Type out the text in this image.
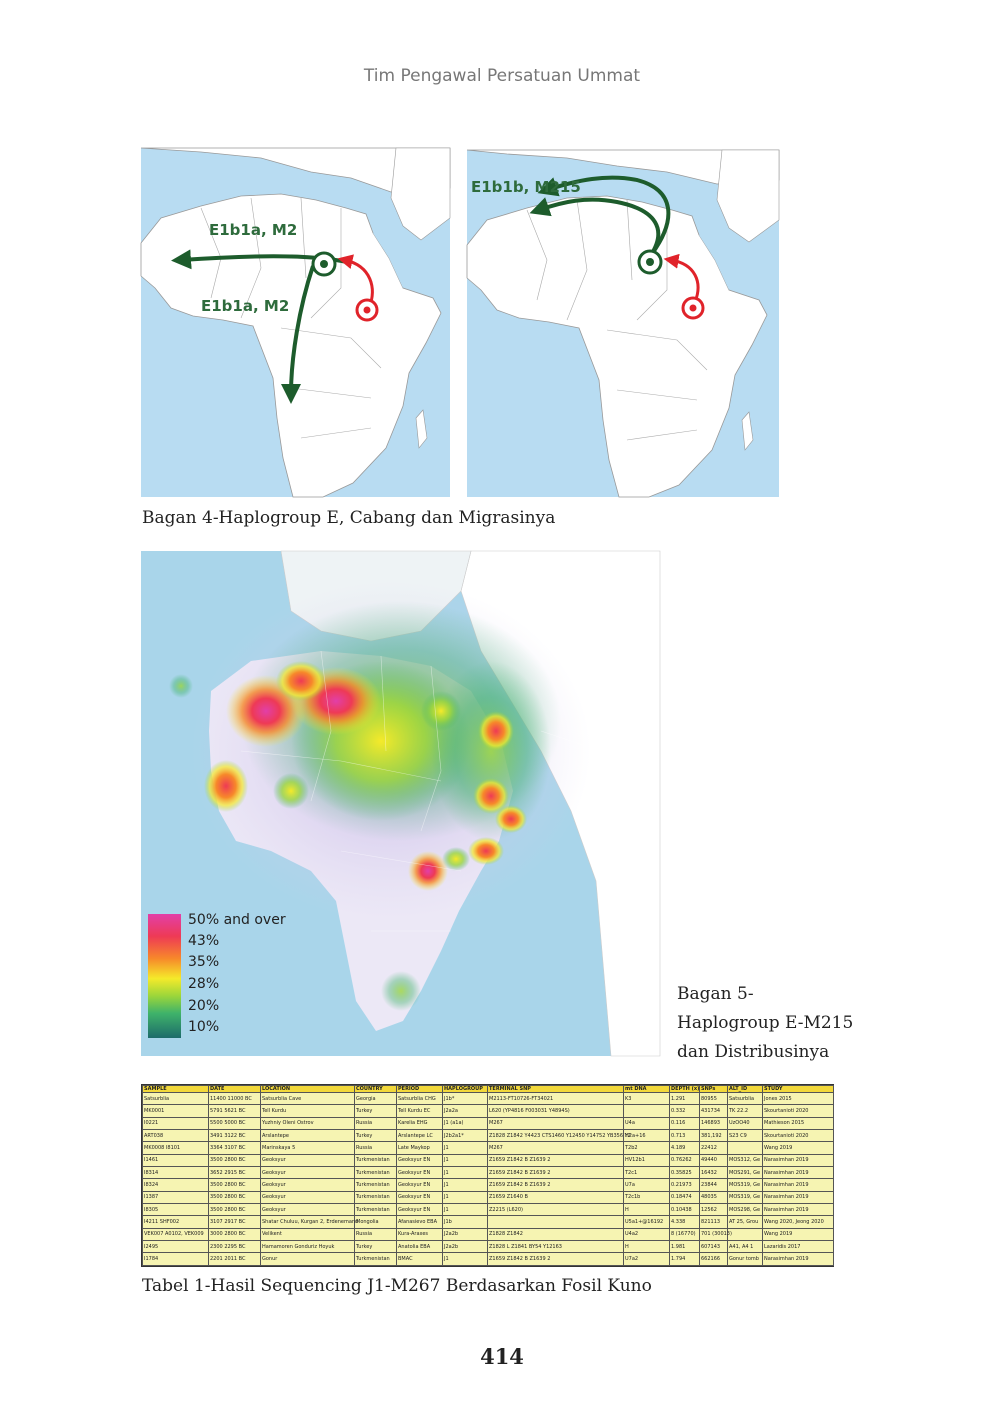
Tim Pengawal Persatuan Ummat
E1b1a, M2
E1b1a, M2
E1b1b, M215
Bagan 4-Haplogroup E, Cabang dan Migrasinya
50% and over
43%
35%
28%
20%
10%
Bagan 5-
Haplogroup E-M215
dan Distribusinya
SAMPLE	DATE	LOCATION	COUNTRY	PERIOD	HAPLOGROUP	TERMINAL SNP	mt DNA	DEPTH (x)	SNPs	ALT_ID	STUDY
Satsurblia	11400 11000 BC	Satsurblia Cave	Georgia	Satsurblia CHG	J1b*	M2113-FT10726-FT34021	K3	1.291	80955	Satsurblia	Jones 2015
MK0001	5791 5621 BC	Tell Kurdu	Turkey	Tell Kurdu EC	J2a2a	L620 (YP4816 F003031 Y4894S)		0.332	431734	TK 22.2	Skourtanioti 2020
I0221	5500 5000 BC	Yuzhniy Oleni Ostrov	Russia	Karelia EHG	J1 (a1a)	M267	U4a	0.116	146893	UzOO40	Mathieson 2015
ART038	3491 3122 BC	Arslantepe	Turkey	Arslantepe LC	J2b2a1*	Z1828 Z1842 Y4423 CTS1460 Y12450 Y14752 YB356 Y2	H2a+16	0.713	381,192	S23 C9	Skourtanioti 2020
MK0008 I8101	3364 3107 BC	Marinskaya 5	Russia	Late Maykop	J1	M267	T2b2	4.189	22412		Wang 2019
I1461	3500 2800 BC	Geoksyur	Turkmenistan	Geoksyur EN	J1	Z1659 Z1842 B Z1639 2	HV12b1	0.76262	49440	MOS312, Ge	Narasimhan 2019
I8314	3652 2915 BC	Geoksyur	Turkmenistan	Geoksyur EN	J1	Z1659 Z1842 B Z1639 2	T2c1	0.35825	16432	MOS291, Ge	Narasimhan 2019
I8324	3500 2800 BC	Geoksyur	Turkmenistan	Geoksyur EN	J1	Z1659 Z1842 B Z1639 2	U7a	0.21973	23844	MOS319, Ge	Narasimhan 2019
I1387	3500 2800 BC	Geoksyur	Turkmenistan	Geoksyur EN	J1	Z1659 Z1640 B	T2c1b	0.18474	48035	MOS319, Ge	Narasimhan 2019
I8305	3500 2800 BC	Geoksyur	Turkmenistan	Geoksyur EN	J1	Z2215 (L620)	H	0.10438	12562	MOS298, Ge	Narasimhan 2019
I4211 SHF002	3107 2917 BC	Shatar Chuluu, Kurgan 2, Erdenemand	Mongolia	Afanasievo EBA	J1b		U5a1+@16192	4.338	821113	AT 25, Grou	Wang 2020, Jeong 2020
VEK007 A0102, VEK009	3000 2800 BC	Velikent	Russia	Kura-Araxes	J2a2b	Z1828 Z1842	U4a2	8 (16770)	701 (30013)		Wang 2019
I2495	2300 2295 BC	Hamamoren Gonduriz Hoyuk	Turkey	Anatolia EBA	J2a2b	Z1828 L Z1841 BY54 Y12163	H	1.981	607143	A41, A4 1	Lazaridis 2017
I1784	2201 2011 BC	Gonur	Turkmenistan	BMAC	J1	Z1659 Z1842 B Z1639 2	U7a2	1.794	662166	Gonur tomb	Narasimhan 2019
Tabel 1-Hasil Sequencing J1-M267 Berdasarkan Fosil Kuno
414
